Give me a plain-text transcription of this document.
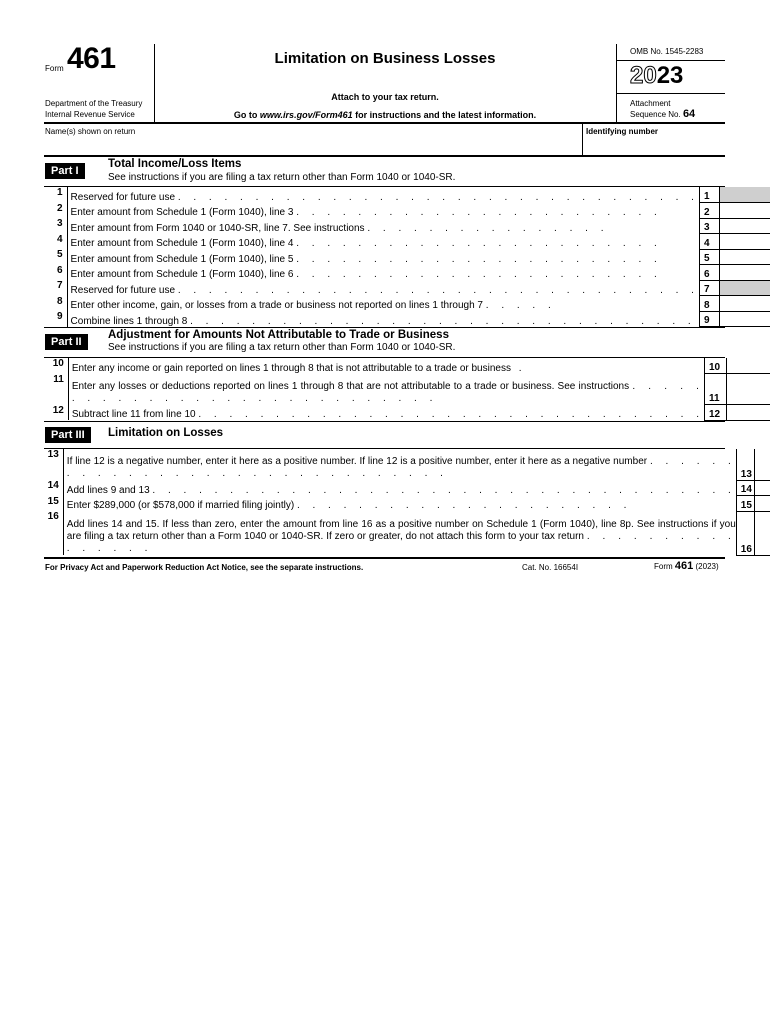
Form 461
Department of the Treasury
Internal Revenue Service
Limitation on Business Losses
Attach to your tax return.
Go to www.irs.gov/Form461 for instructions and the latest information.
OMB No. 1545-2283
2023
Attachment
Sequence No. 64
Name(s) shown on return	Identifying number
Part I
Total Income/Loss Items
See instructions if you are filing a tax return other than Form 1040 or 1040-SR.
1	Reserved for future use . . . . . . . . . . . . . . . . . . . . . . . . . . . . . . . . . .	1	
2	Enter amount from Schedule 1 (Form 1040), line 3 . . . . . . . . . . . . . . . . . . . . . . . .	2	
3	Enter amount from Form 1040 or 1040-SR, line 7. See instructions . . . . . . . . . . . . . . . .	3	
4	Enter amount from Schedule 1 (Form 1040), line 4 . . . . . . . . . . . . . . . . . . . . . . . .	4	
5	Enter amount from Schedule 1 (Form 1040), line 5 . . . . . . . . . . . . . . . . . . . . . . . .	5	
6	Enter amount from Schedule 1 (Form 1040), line 6 . . . . . . . . . . . . . . . . . . . . . . . .	6	
7	Reserved for future use . . . . . . . . . . . . . . . . . . . . . . . . . . . . . . . . . .	7	
8	Enter other income, gain, or losses from a trade or business not reported on lines 1 through 7 . . . . .	8	
9	Combine lines 1 through 8 . . . . . . . . . . . . . . . . . . . . . . . . . . . . . . . . .	9	
Part II
Adjustment for Amounts Not Attributable to Trade or Business
See instructions if you are filing a tax return other than Form 1040 or 1040-SR.
10	Enter any income or gain reported on lines 1 through 8 that is not attributable to a trade or business .	10	
11	Enter any losses or deductions reported on lines 1 through 8 that are not attributable to a trade or business. See instructions . . . . . . . . . . . . . . . . . . . . . . . . . . . . .	11	
12	Subtract line 11 from line 10 . . . . . . . . . . . . . . . . . . . . . . . . . . . . . . . . .	12	
Part III	Limitation on Losses
13	If line 12 is a negative number, enter it here as a positive number. If line 12 is a positive number, enter it here as a negative number . . . . . . . . . . . . . . . . . . . . . . . . . . . . . . .	13	
14	Add lines 9 and 13 . . . . . . . . . . . . . . . . . . . . . . . . . . . . . . . . . . . . . .	14	
15	Enter $289,000 (or $578,000 if married filing jointly) . . . . . . . . . . . . . . . . . . . . . .	15	
16	Add lines 14 and 15. If less than zero, enter the amount from line 16 as a positive number on Schedule 1 (Form 1040), line 8p. See instructions if you are filing a tax return other than a Form 1040 or 1040-SR. If zero or greater, do not attach this form to your tax return . . . . . . . . . . . . . . . .	16	
For Privacy Act and Paperwork Reduction Act Notice, see the separate instructions.	Cat. No. 16654I	Form 461 (2023)
